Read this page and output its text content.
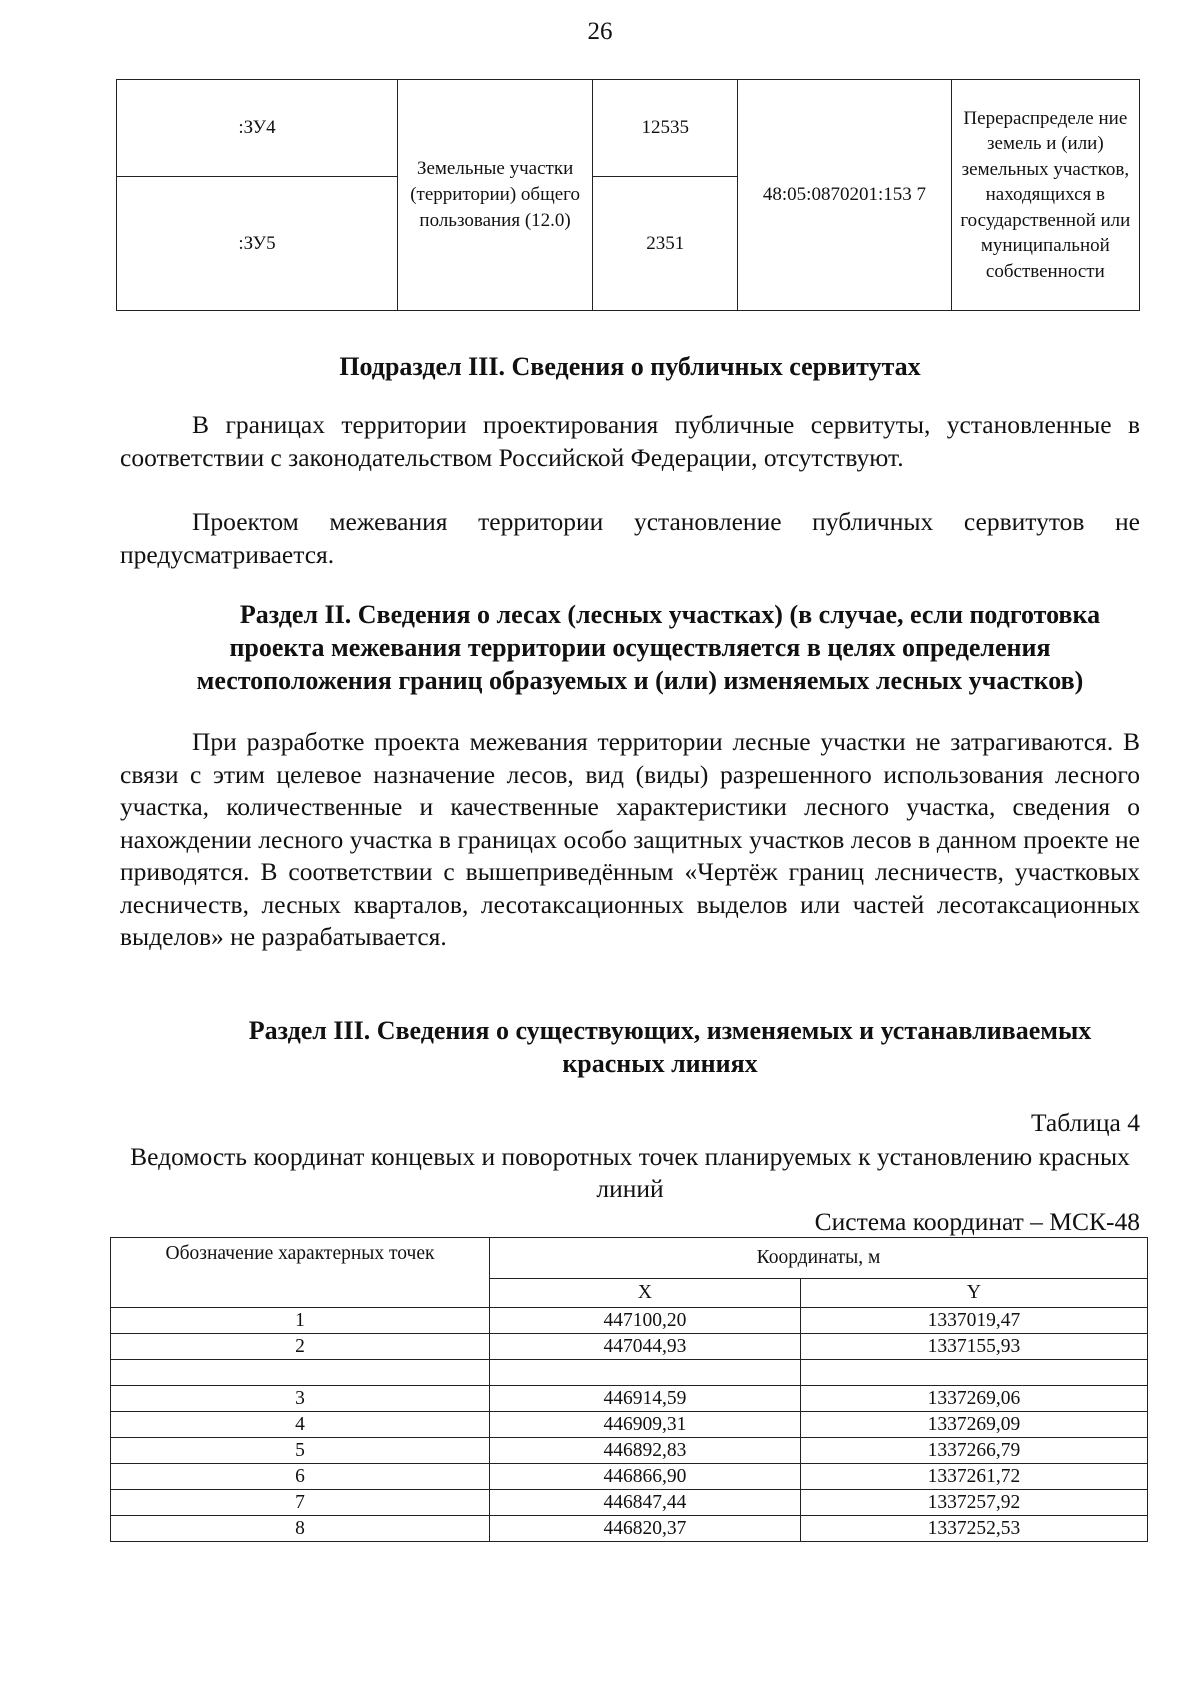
26
:ЗУ4	Земельные участки (территории) общего пользования (12.0)	12535	48:05:0870201:153 7	Перераспределе ние земель и (или) земельных участков, находящихся в государственной или муниципальной собственности
:ЗУ5		2351		
Подраздел III. Сведения о публичных сервитутах

В границах территории проектирования публичные сервитуты, установленные в соответствии с законодательством Российской Федерации, отсутствуют.

Проектом межевания территории установление публичных сервитутов не предусматривается.

Раздел II. Сведения о лесах (лесных участках) (в случае, если подготовка проекта межевания территории осуществляется в целях определения местоположения границ образуемых и (или) изменяемых лесных участков)

При разработке проекта межевания территории лесные участки не затрагиваются. В связи с этим целевое назначение лесов, вид (виды) разрешенного использования лесного участка, количественные и качественные характеристики лесного участка, сведения о нахождении лесного участка в границах особо защитных участков лесов в данном проекте не приводятся. В соответствии с вышеприведённым «Чертёж границ лесничеств, участковых лесничеств, лесных кварталов, лесотаксационных выделов или частей лесотаксационных выделов» не разрабатывается.

Раздел III. Сведения о существующих, изменяемых и устанавливаемых красных линиях
Таблица 4
Ведомость координат концевых и поворотных точек планируемых к установлению красных линий
Система координат – МСК-48
Обозначение характерных точек	Координаты, м	
	X	Y
1	447100,20	1337019,47
2	447044,93	1337155,93

3	446914,59	1337269,06
4	446909,31	1337269,09
5	446892,83	1337266,79
6	446866,90	1337261,72
7	446847,44	1337257,92
8	446820,37	1337252,53
